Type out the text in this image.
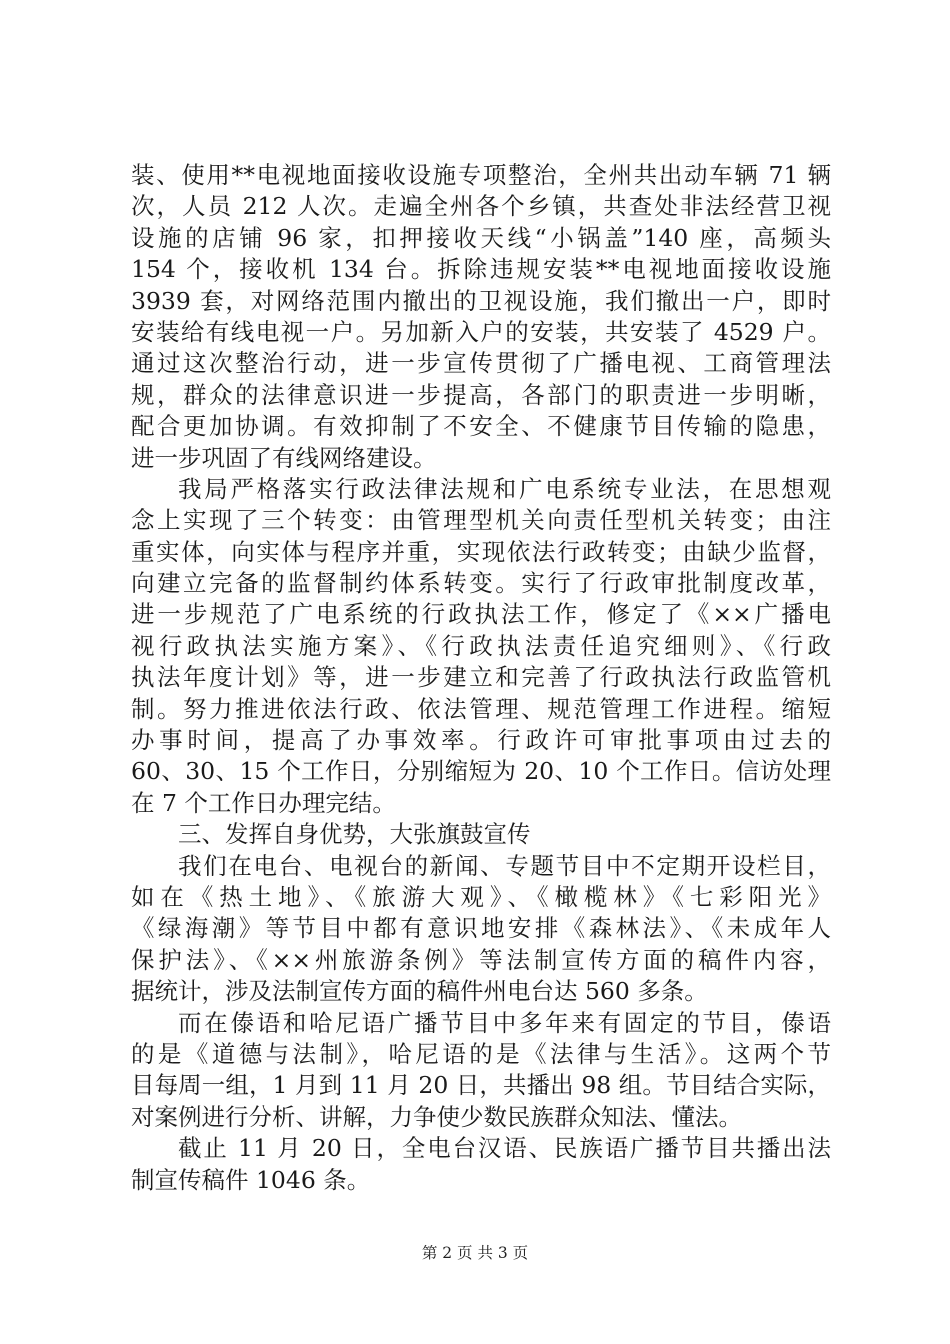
装、使用**电视地面接收设施专项整治，全州共出动车辆 71 辆
次，人员 212 人次。走遍全州各个乡镇，共查处非法经营卫视
设施的店铺 96 家，扣押接收天线“小锅盖”140 座，高频头
154 个，接收机 134 台。拆除违规安装**电视地面接收设施
3939 套，对网络范围内撤出的卫视设施，我们撤出一户，即时
安装给有线电视一户。另加新入户的安装，共安装了 4529 户。
通过这次整治行动，进一步宣传贯彻了广播电视、工商管理法
规，群众的法律意识进一步提高，各部门的职责进一步明晰，
配合更加协调。有效抑制了不安全、不健康节目传输的隐患，
进一步巩固了有线网络建设。
我局严格落实行政法律法规和广电系统专业法，在思想观
念上实现了三个转变：由管理型机关向责任型机关转变；由注
重实体，向实体与程序并重，实现依法行政转变；由缺少监督，
向建立完备的监督制约体系转变。实行了行政审批制度改革，
进一步规范了广电系统的行政执法工作，修定了《××广播电
视行政执法实施方案》、《行政执法责任追究细则》、《行政
执法年度计划》等，进一步建立和完善了行政执法行政监管机
制。努力推进依法行政、依法管理、规范管理工作进程。缩短
办事时间，提高了办事效率。行政许可审批事项由过去的
60、30、15 个工作日，分别缩短为 20、10 个工作日。信访处理
在 7 个工作日办理完结。
三、发挥自身优势，大张旗鼓宣传
我们在电台、电视台的新闻、专题节目中不定期开设栏目，
如在《热土地》、《旅游大观》、《橄榄林》《七彩阳光》
《绿海潮》等节目中都有意识地安排《森林法》、《未成年人
保护法》、《××州旅游条例》等法制宣传方面的稿件内容，
据统计，涉及法制宣传方面的稿件州电台达 560 多条。
而在傣语和哈尼语广播节目中多年来有固定的节目，傣语
的是《道德与法制》，哈尼语的是《法律与生活》。这两个节
目每周一组，1 月到 11 月 20 日，共播出 98 组。节目结合实际，
对案例进行分析、讲解，力争使少数民族群众知法、懂法。
截止 11 月 20 日，全电台汉语、民族语广播节目共播出法
制宣传稿件 1046 条。
第 2 页 共 3 页
